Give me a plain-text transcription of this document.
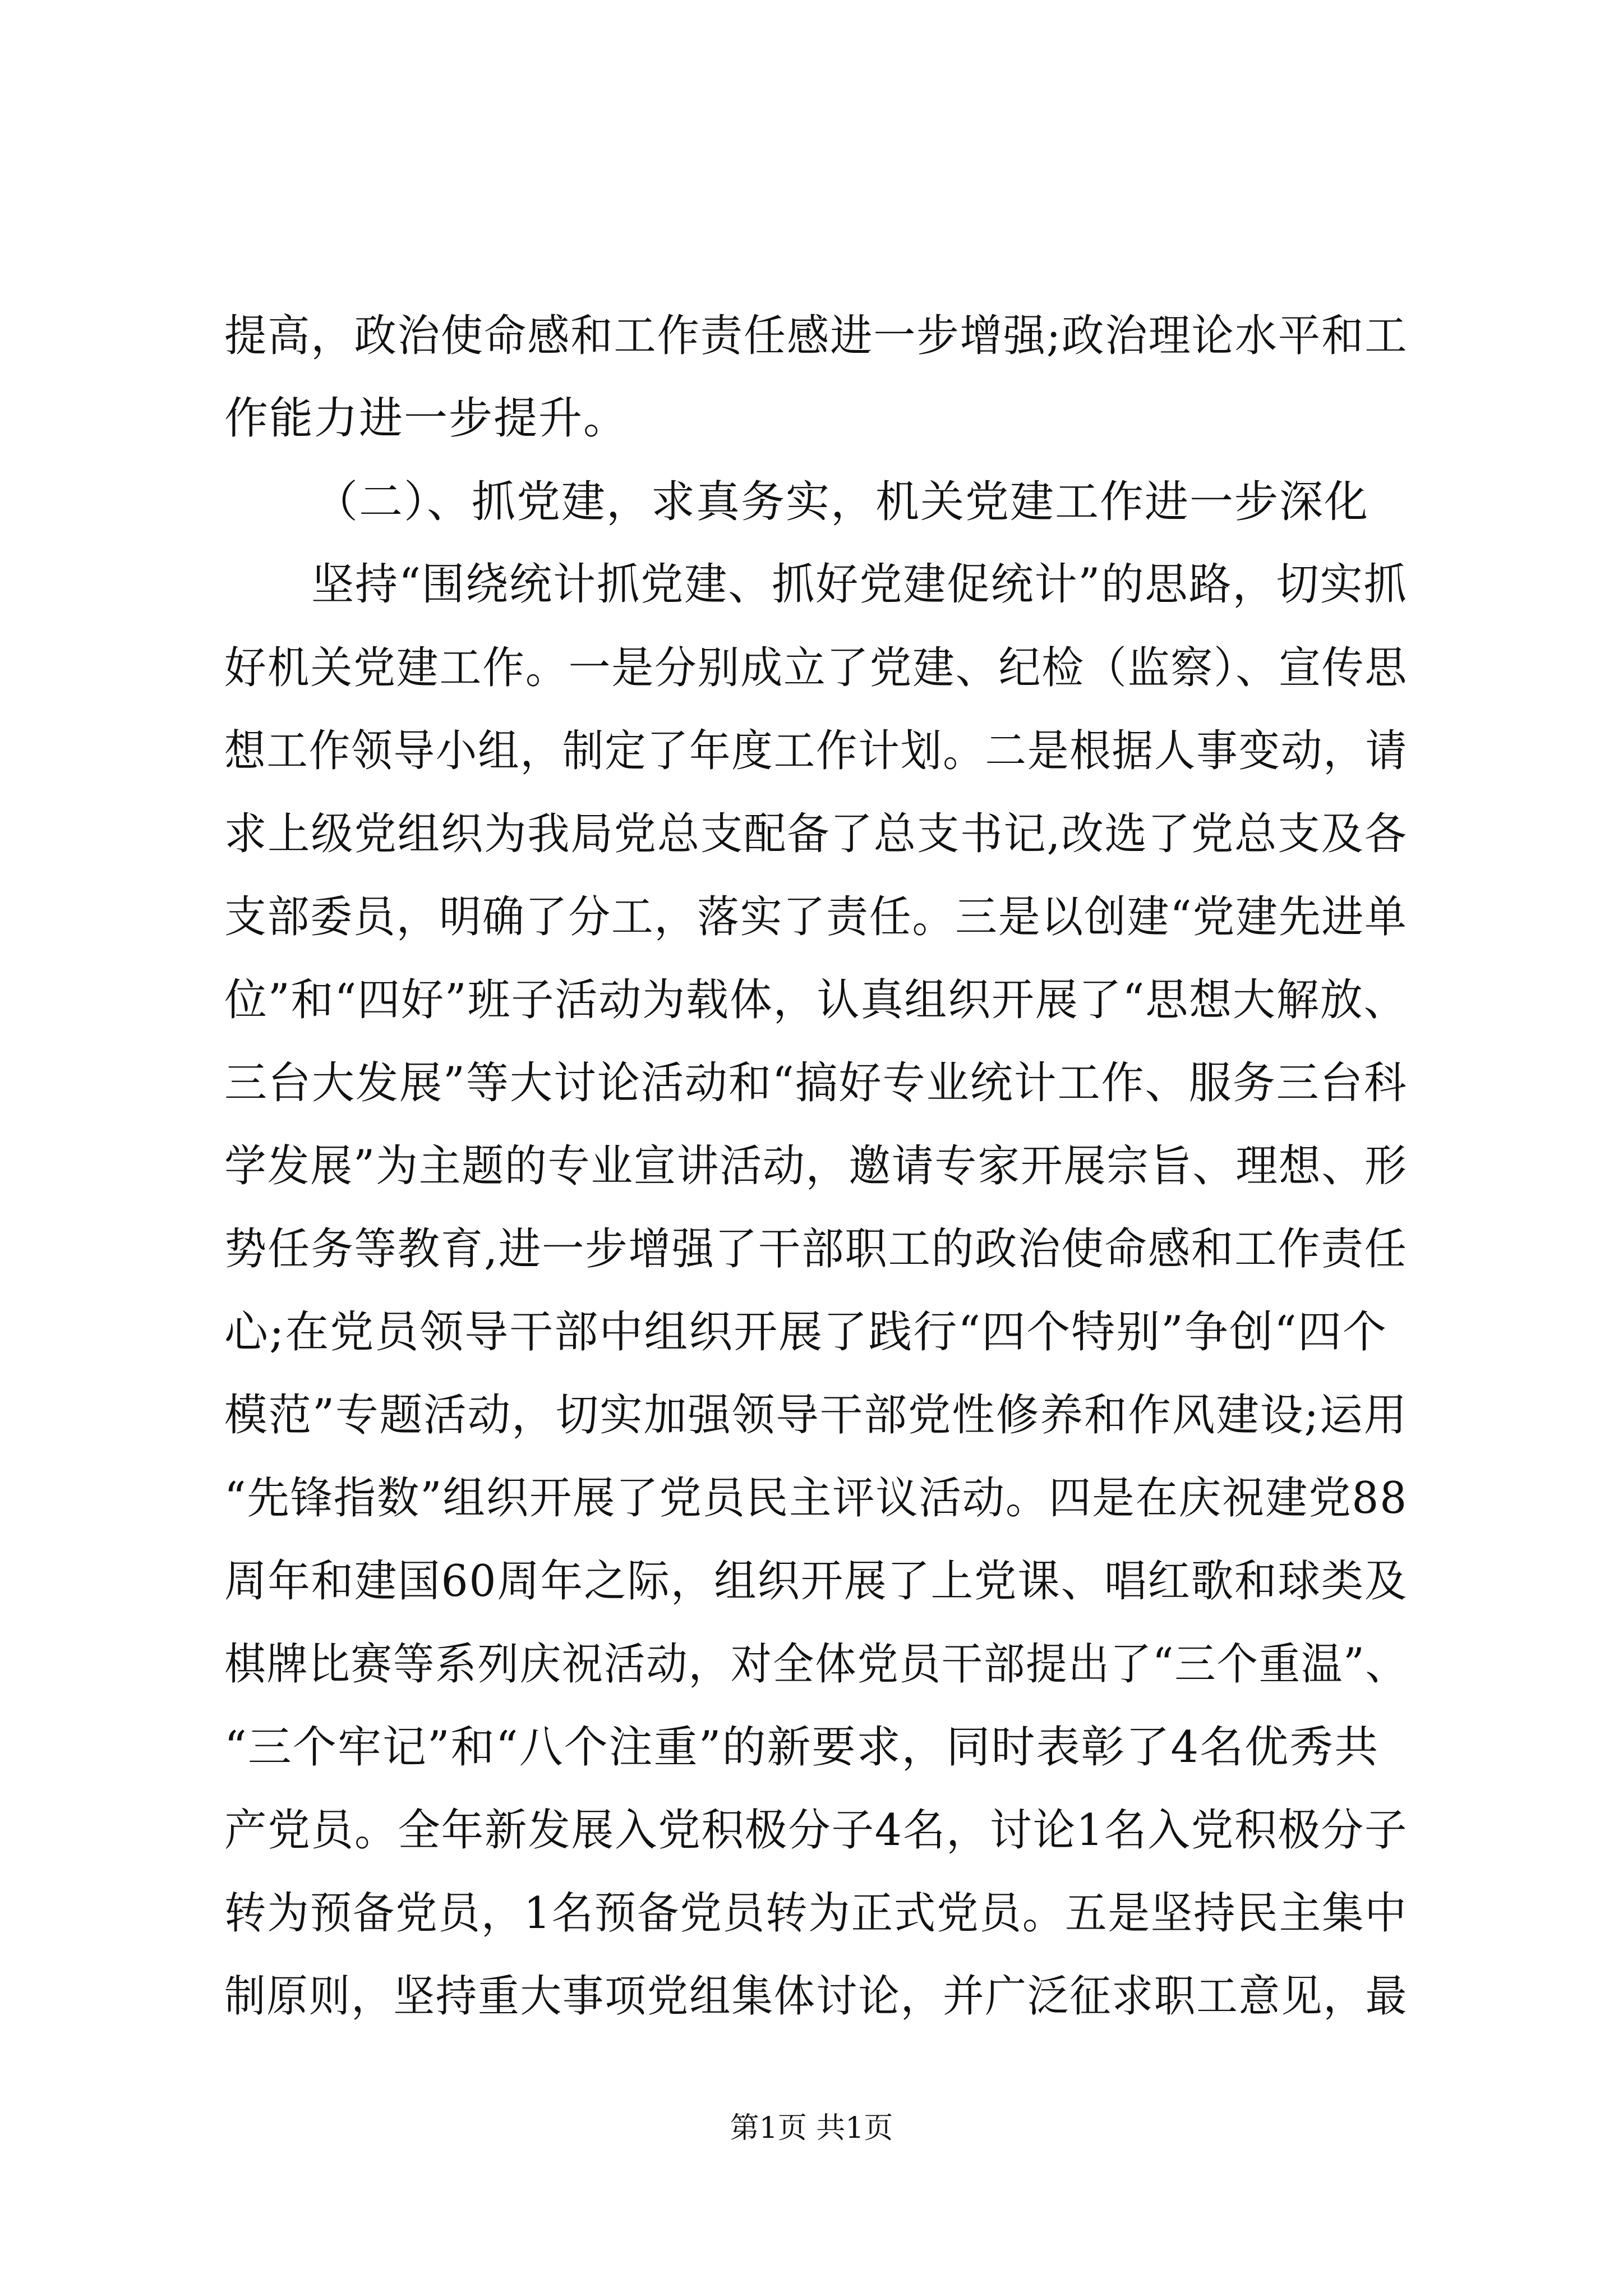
提高，政治使命感和工作责任感进一步增强;政治理论水平和工
作能力进一步提升。
（二）、抓党建，求真务实，机关党建工作进一步深化
坚持“围绕统计抓党建、抓好党建促统计”的思路，切实抓
好机关党建工作。一是分别成立了党建、纪检（监察）、宣传思
想工作领导小组，制定了年度工作计划。二是根据人事变动，请
求上级党组织为我局党总支配备了总支书记,改选了党总支及各
支部委员，明确了分工，落实了责任。三是以创建“党建先进单
位”和“四好”班子活动为载体，认真组织开展了“思想大解放、
三台大发展”等大讨论活动和“搞好专业统计工作、服务三台科
学发展”为主题的专业宣讲活动，邀请专家开展宗旨、理想、形
势任务等教育,进一步增强了干部职工的政治使命感和工作责任
心;在党员领导干部中组织开展了践行“四个特别”争创“四个
模范”专题活动，切实加强领导干部党性修养和作风建设;运用
“先锋指数”组织开展了党员民主评议活动。四是在庆祝建党88
周年和建国60周年之际，组织开展了上党课、唱红歌和球类及
棋牌比赛等系列庆祝活动，对全体党员干部提出了“三个重温”、
“三个牢记”和“八个注重”的新要求，同时表彰了4名优秀共
产党员。全年新发展入党积极分子4名，讨论1名入党积极分子
转为预备党员，1名预备党员转为正式党员。五是坚持民主集中
制原则，坚持重大事项党组集体讨论，并广泛征求职工意见，最
第1页 共1页
